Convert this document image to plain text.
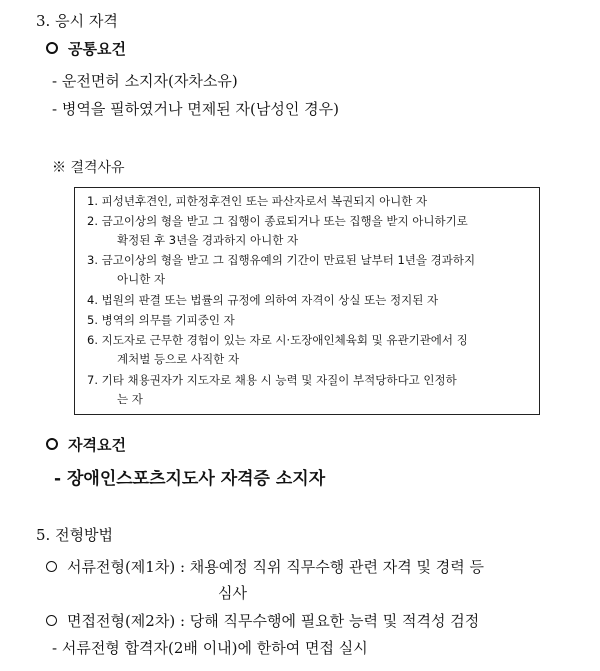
3. 응시 자격
공통요건
- 운전면허 소지자(자차소유)
- 병역을 필하였거나 면제된 자(남성인 경우)
※ 결격사유
1. 피성년후견인, 피한정후견인 또는 파산자로서 복권되지 아니한 자
2. 금고이상의 형을 받고 그 집행이 종료되거나 또는 집행을 받지 아니하기로
확정된 후 3년을 경과하지 아니한 자
3. 금고이상의 형을 받고 그 집행유예의 기간이 만료된 날부터 1년을 경과하지
아니한 자
4. 법원의 판결 또는 법률의 규정에 의하여 자격이 상실 또는 정지된 자
5. 병역의 의무를 기피중인 자
6. 지도자로 근무한 경험이 있는 자로 시·도장애인체육회 및 유관기관에서 징
계처벌 등으로 사직한 자
7. 기타 채용권자가 지도자로 채용 시 능력 및 자질이 부적당하다고 인정하
는 자
자격요건
- 장애인스포츠지도사 자격증 소지자
5. 전형방법
서류전형(제1차) : 채용예정 직위 직무수행 관련 자격 및 경력 등
심사
면접전형(제2차) : 당해 직무수행에 필요한 능력 및 적격성 검정
- 서류전형 합격자(2배 이내)에 한하여 면접 실시
